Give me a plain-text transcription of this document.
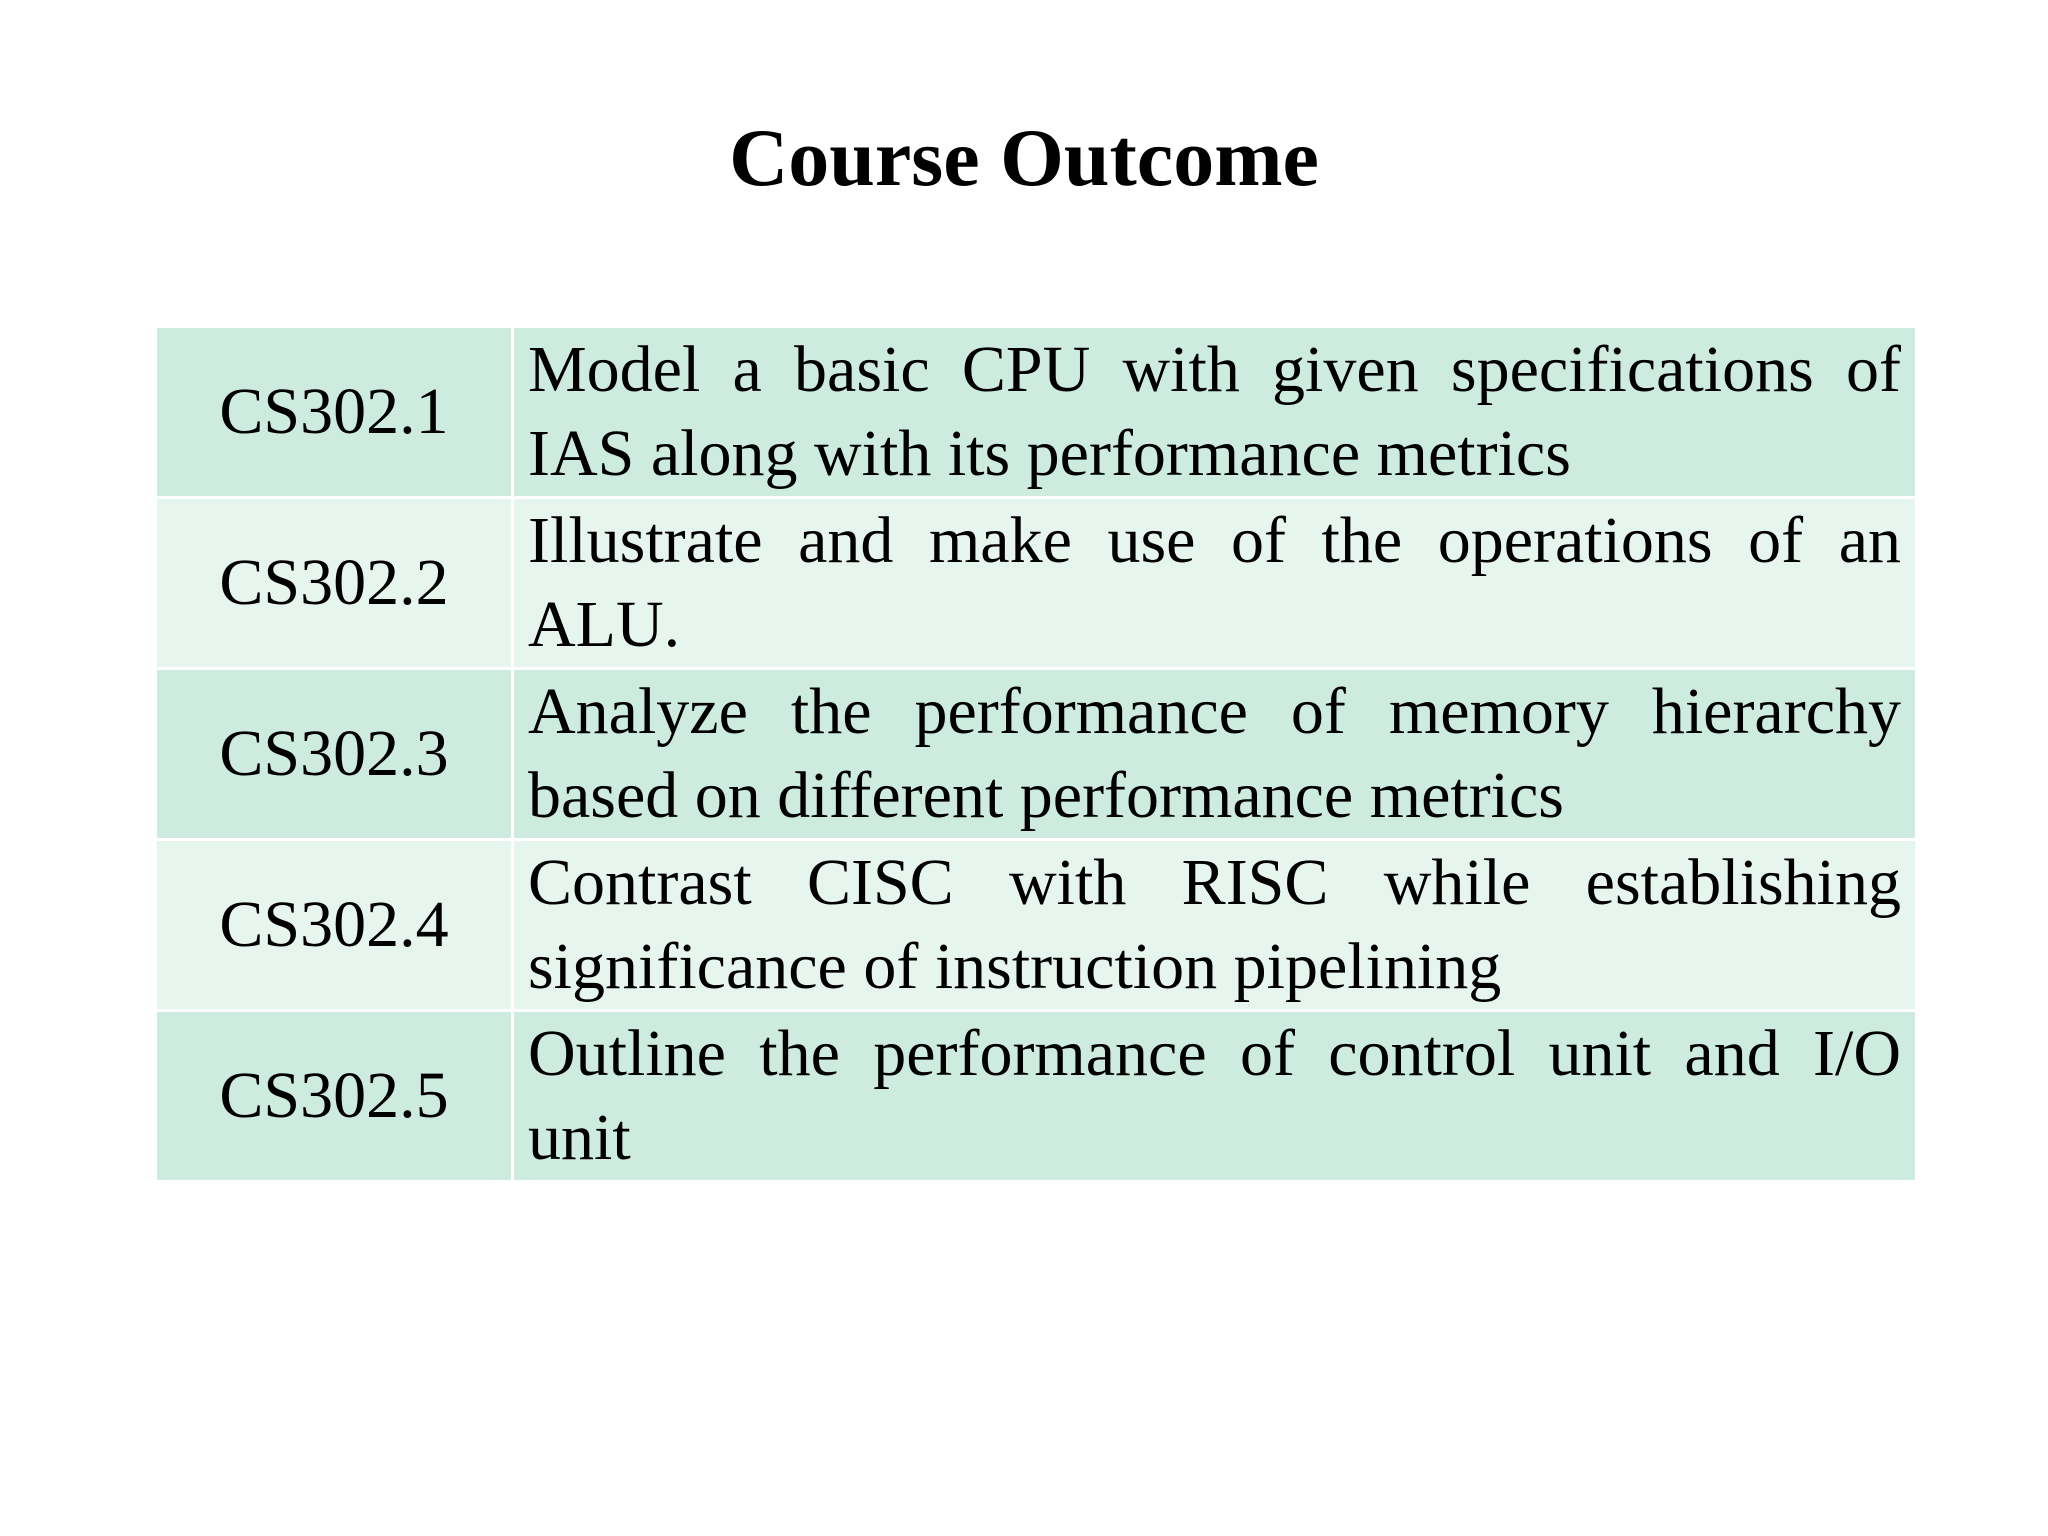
Course Outcome
CS302.1	Model a basic CPU with given specifications of IAS along with its performance metrics
CS302.2	Illustrate and make use of the operations of an ALU.
CS302.3	Analyze the performance of memory hierarchy based on different performance metrics
CS302.4	Contrast CISC with RISC while establishing significance of instruction pipelining
CS302.5	Outline the performance of control unit and I/O unit
